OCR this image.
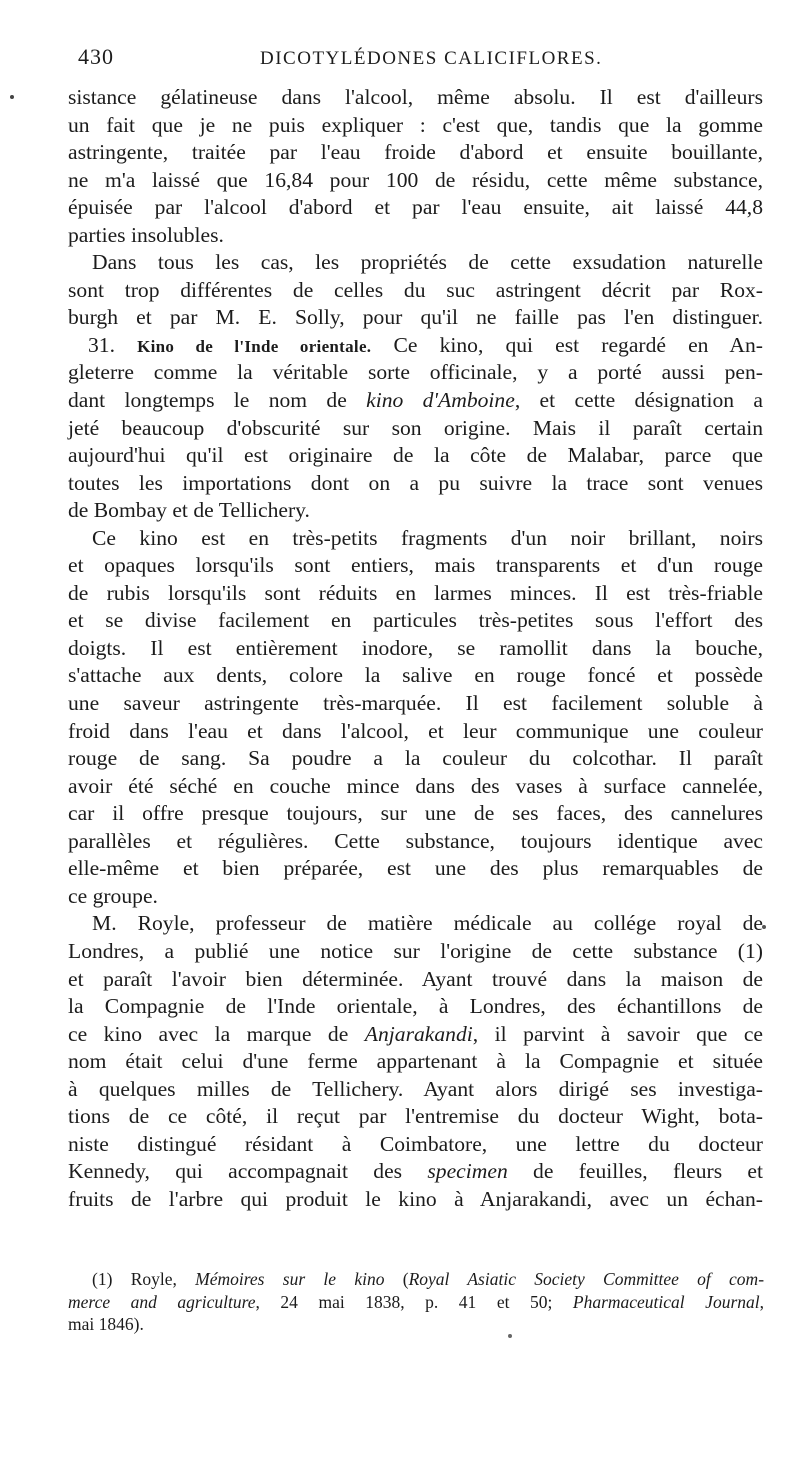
430	DICOTYLÉDONES CALICIFLORES.
sistance gélatineuse dans l'alcool, même absolu. Il est d'ailleurs
un fait que je ne puis expliquer : c'est que, tandis que la gomme
astringente, traitée par l'eau froide d'abord et ensuite bouillante,
ne m'a laissé que 16,84 pour 100 de résidu, cette même substance,
épuisée par l'alcool d'abord et par l'eau ensuite, ait laissé 44,8
parties insolubles.
Dans tous les cas, les propriétés de cette exsudation naturelle
sont trop différentes de celles du suc astringent décrit par Rox-
burgh et par M. E. Solly, pour qu'il ne faille pas l'en distinguer.
31. Kino de l'Inde orientale. Ce kino, qui est regardé en An-
gleterre comme la véritable sorte officinale, y a porté aussi pen-
dant longtemps le nom de kino d'Amboine, et cette désignation a
jeté beaucoup d'obscurité sur son origine. Mais il paraît certain
aujourd'hui qu'il est originaire de la côte de Malabar, parce que
toutes les importations dont on a pu suivre la trace sont venues
de Bombay et de Tellichery.
Ce kino est en très-petits fragments d'un noir brillant, noirs
et opaques lorsqu'ils sont entiers, mais transparents et d'un rouge
de rubis lorsqu'ils sont réduits en larmes minces. Il est très-friable
et se divise facilement en particules très-petites sous l'effort des
doigts. Il est entièrement inodore, se ramollit dans la bouche,
s'attache aux dents, colore la salive en rouge foncé et possède
une saveur astringente très-marquée. Il est facilement soluble à
froid dans l'eau et dans l'alcool, et leur communique une couleur
rouge de sang. Sa poudre a la couleur du colcothar. Il paraît
avoir été séché en couche mince dans des vases à surface cannelée,
car il offre presque toujours, sur une de ses faces, des cannelures
parallèles et régulières. Cette substance, toujours identique avec
elle-même et bien préparée, est une des plus remarquables de
ce groupe.
M. Royle, professeur de matière médicale au collége royal de
Londres, a publié une notice sur l'origine de cette substance (1)
et paraît l'avoir bien déterminée. Ayant trouvé dans la maison de
la Compagnie de l'Inde orientale, à Londres, des échantillons de
ce kino avec la marque de Anjarakandi, il parvint à savoir que ce
nom était celui d'une ferme appartenant à la Compagnie et située
à quelques milles de Tellichery. Ayant alors dirigé ses investiga-
tions de ce côté, il reçut par l'entremise du docteur Wight, bota-
niste distingué résidant à Coimbatore, une lettre du docteur
Kennedy, qui accompagnait des specimen de feuilles, fleurs et
fruits de l'arbre qui produit le kino à Anjarakandi, avec un échan-
(1) Royle, Mémoires sur le kino (Royal Asiatic Society Committee of com-
merce and agriculture, 24 mai 1838, p. 41 et 50; Pharmaceutical Journal,
mai 1846).
